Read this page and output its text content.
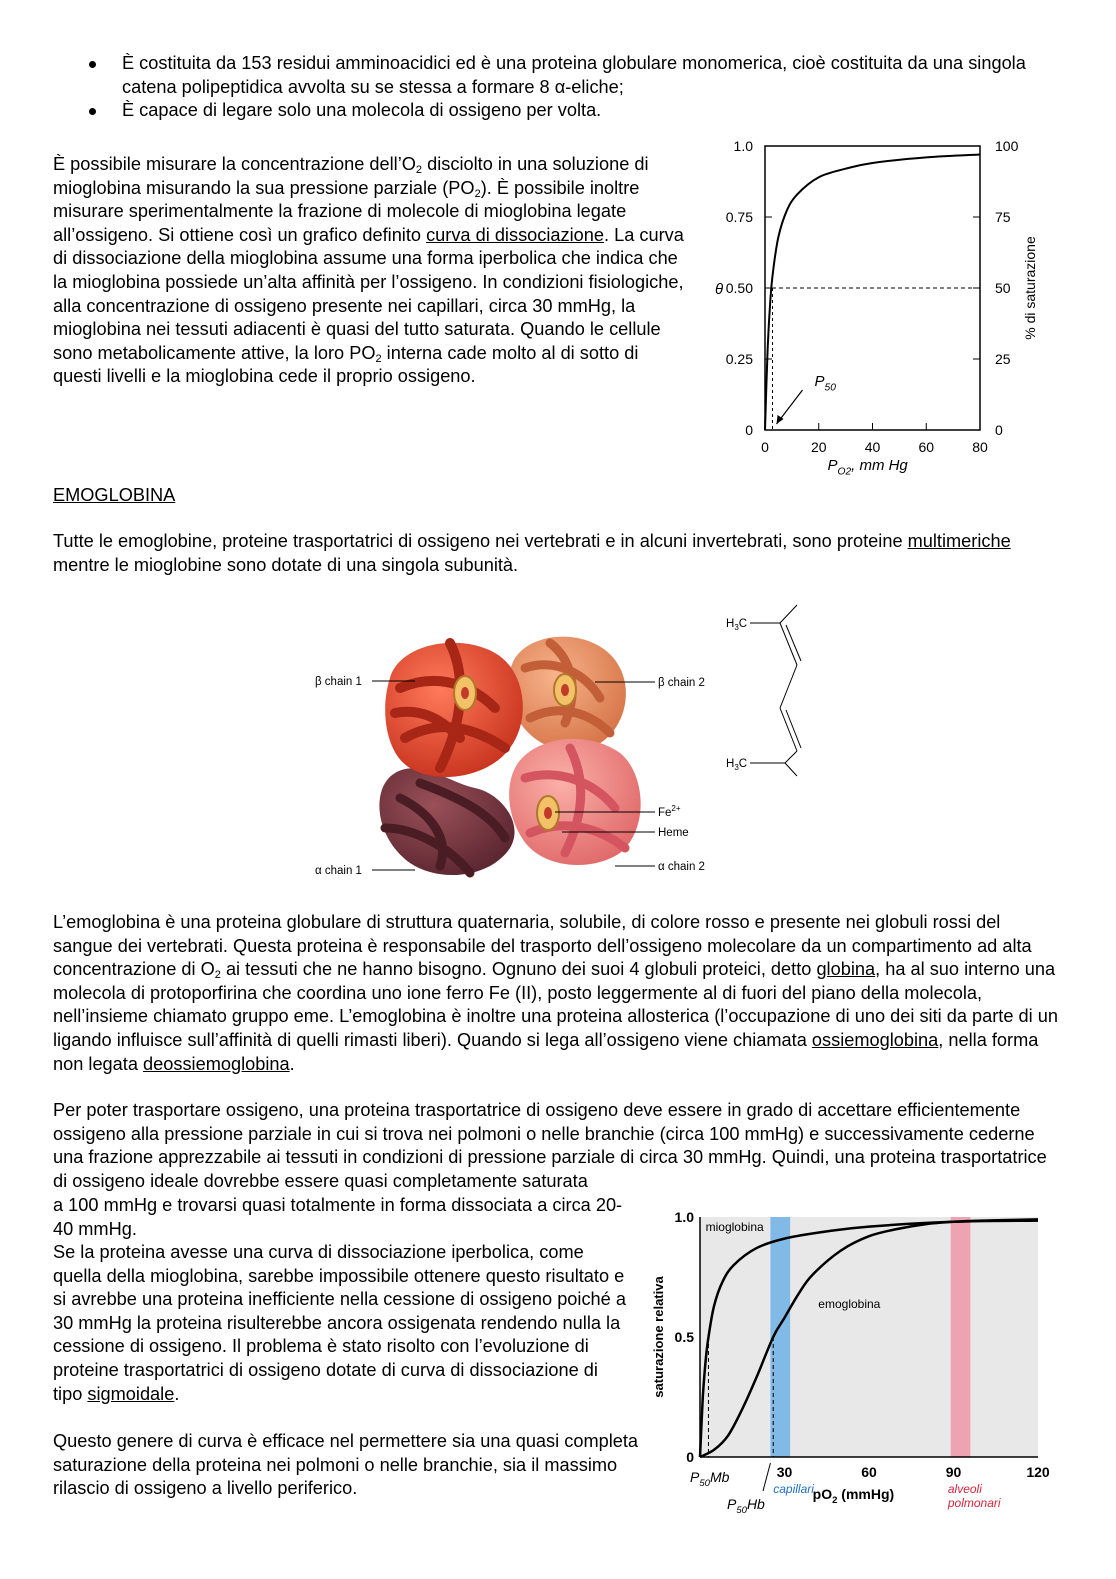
È costituita da 153 residui amminoacidici ed è una proteina globulare monomerica, cioè costituita da una singola catena polipeptidica avvolta su se stessa a formare 8 α-eliche;
È capace di legare solo una molecola di ossigeno per volta.
È possibile misurare la concentrazione $dell’O_2$ disciolto in una soluzione di mioglobina misurando la sua pressione parziale $(PO_2)$. È possibile inoltre misurare sperimentalmente la frazione di molecole di mioglobina legate all’ossigeno. Si ottiene così un grafico definito curva di dissociazione. La curva di dissociazione della mioglobina assume una forma iperbolica che indica che la mioglobina possiede un’alta affinità per l’ossigeno. In condizioni fisiologiche, alla concentrazione di ossigeno presente nei capillari, circa 30 mmHg, la mioglobina nei tessuti adiacenti è quasi del tutto saturata. Quando le cellule sono metabolicamente attive, la loro $PO_2$ interna cade molto al di sotto di questi livelli e la mioglobina cede il proprio ossigeno.
0	0
0.25	25
0.50	50
0.75	75
1.0	100
0	20	40	60	80
$P_{50}$
θ	% di saturazione
$P_{O2}$, mm Hg
EMOGLOBINA
Tutte le emoglobine, proteine trasportatrici di ossigeno nei vertebrati e in alcuni invertebrati, sono proteine multimeriche mentre le mioglobine sono dotate di una singola subunità.
β chain 1	β chain 2
α chain 1
$Fe^{2+}$
Heme
α chain 2
$H_3C$
$H_3C$
L’emoglobina è una proteina globulare di struttura quaternaria, solubile, di colore rosso e presente nei globuli rossi del sangue dei vertebrati. Questa proteina è responsabile del trasporto dell’ossigeno molecolare da un compartimento ad alta concentrazione di $O_2$ ai tessuti che ne hanno bisogno. Ognuno dei suoi 4 globuli proteici, detto globina, ha al suo interno una molecola di protoporfirina che coordina uno ione ferro Fe (II), posto leggermente al di fuori del piano della molecola, nell’insieme chiamato gruppo eme. L’emoglobina è inoltre una proteina allosterica (l’occupazione di uno dei siti da parte di un ligando influisce sull’affinità di quelli rimasti liberi). Quando si lega all’ossigeno viene chiamata ossiemoglobina, nella forma non legata deossiemoglobina.
Per poter trasportare ossigeno, una proteina trasportatrice di ossigeno deve essere in grado di accettare efficientemente ossigeno alla pressione parziale in cui si trova nei polmoni o nelle branchie (circa 100 mmHg) e successivamente cederne una frazione apprezzabile ai tessuti in condizioni di pressione parziale di circa 30 mmHg. Quindi, una proteina trasportatrice di ossigeno ideale dovrebbe essere quasi completamente saturata
a 100 mmHg e trovarsi quasi totalmente in forma dissociata a circa 20-40 mmHg.
Se la proteina avesse una curva di dissociazione iperbolica, come quella della mioglobina, sarebbe impossibile ottenere questo risultato e si avrebbe una proteina inefficiente nella cessione di ossigeno poiché a 30 mmHg la proteina risulterebbe ancora ossigenata rendendo nulla la cessione di ossigeno. Il problema è stato risolto con l’evoluzione di proteine trasportatrici di ossigeno dotate di curva di dissociazione di tipo sigmoidale.
Questo genere di curva è efficace nel permettere sia una quasi completa saturazione della proteina nei polmoni o nelle branchie, sia il massimo rilascio di ossigeno a livello periferico.
0
0.5
1.0
30	60	90	120
mioglobina
emoglobina
saturazione relativa
$P_{50}Mb$
$P_{50}Hb$
capillari	alveoli
polmonari
$pO_2$ (mmHg)
